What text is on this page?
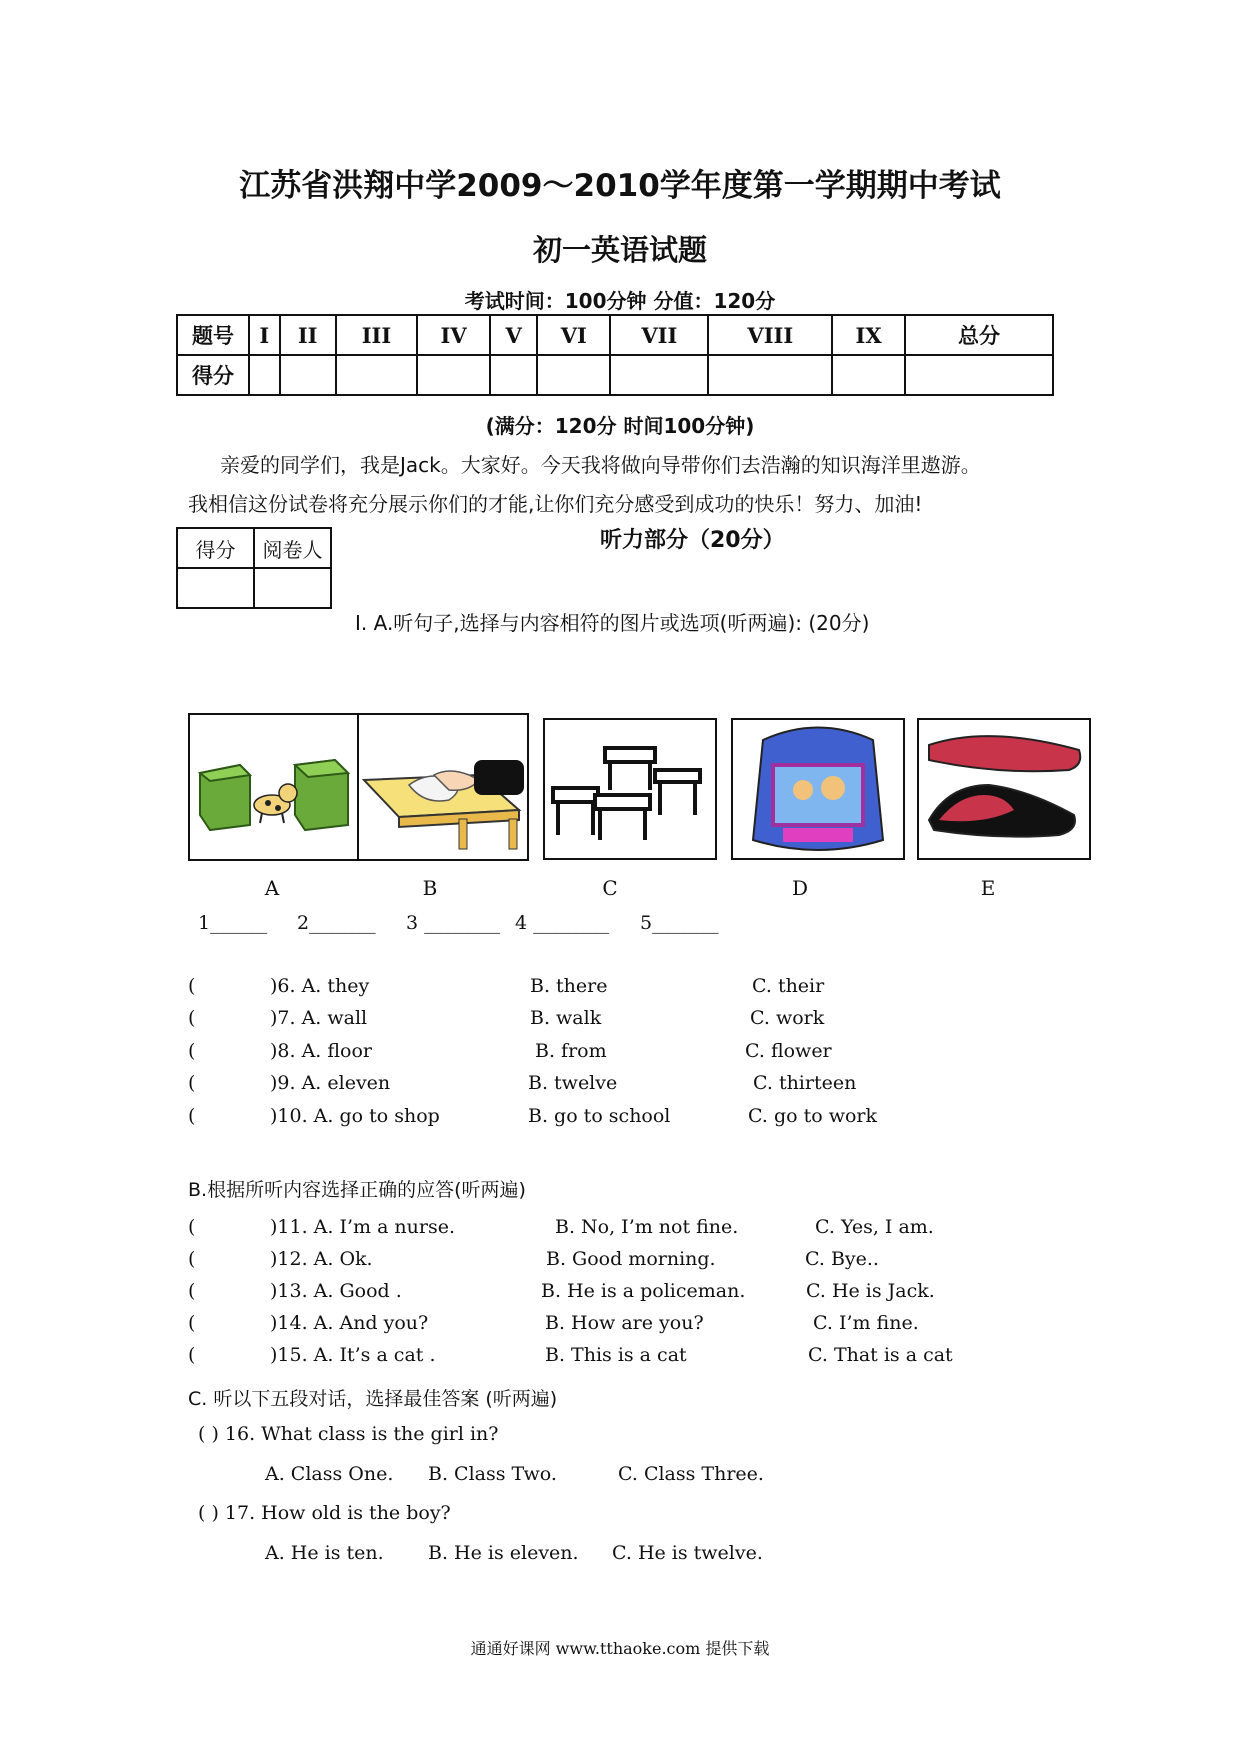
江苏省洪翔中学2009～2010学年度第一学期期中考试
初一英语试题
考试时间：100分钟 分值：120分
题号	I	II	III	IV	V	VI	VII	VIII	IX	总分
得分										
(满分：120分 时间100分钟)
亲爱的同学们，我是Jack。大家好。今天我将做向导带你们去浩瀚的知识海洋里遨游。
我相信这份试卷将充分展示你们的才能,让你们充分感受到成功的快乐！努力、加油!
得分	阅卷人
		听力部分（20分）
Ⅰ. A.听句子,选择与内容相符的图片或选项(听两遍): (20分)
A	B	C	D	E
1______ 2_______ 3 ________ 4 ________ 5_______
(	)6. A. they	B. there	C. their
(	)7. A. wall	B. walk	C. work
(	)8. A. floor	B. from	C. flower
(	)9. A. eleven	B. twelve	C. thirteen
(	)10. A. go to shop	B. go to school	C. go to work
B.根据所听内容选择正确的应答(听两遍)
(	)11. A. I’m a nurse.	B. No, I’m not fine.	C. Yes, I am.
(	)12. A. Ok.	B. Good morning.	C. Bye..
(	)13. A. Good .	B. He is a policeman.	C. He is Jack.
(	)14. A. And you?	B. How are you?	C. I’m fine.
(	)15. A. It’s a cat .	B. This is a cat	C. That is a cat
C. 听以下五段对话，选择最佳答案 (听两遍)
( ) 16. What class is the girl in?
A. Class One. B. Class Two.	C. Class Three.
( ) 17. How old is the boy?
A. He is ten. B. He is eleven. C. He is twelve.
通通好课网 www.tthaoke.com 提供下载
